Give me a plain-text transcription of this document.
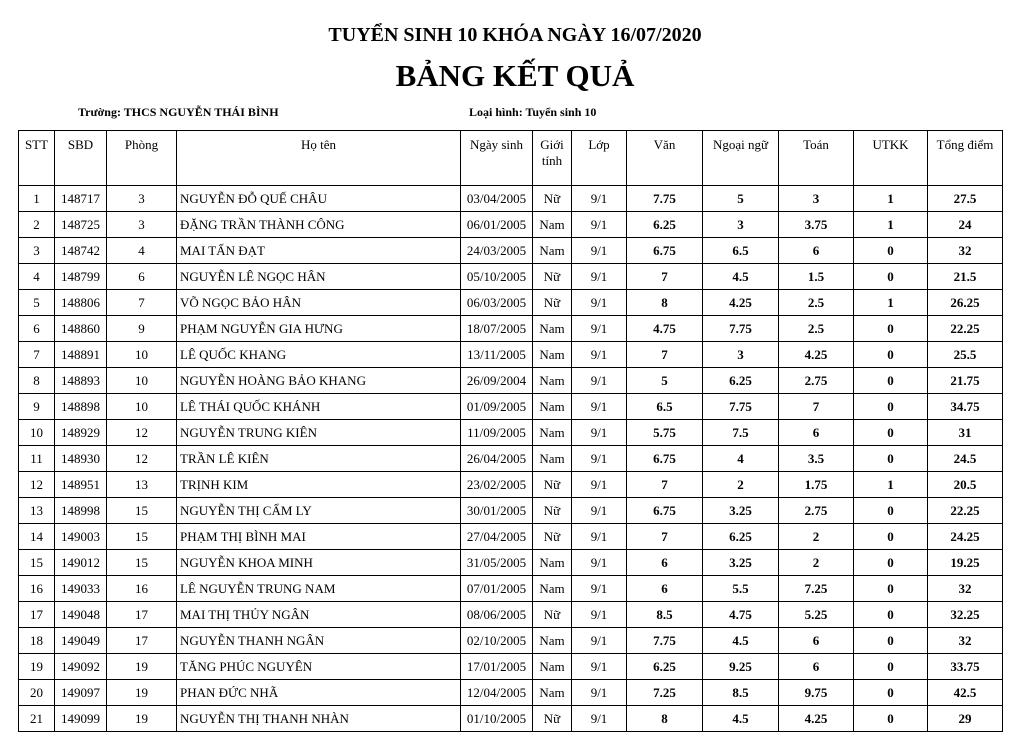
TUYỂN SINH 10 KHÓA NGÀY 16/07/2020
BẢNG KẾT QUẢ
Trường: THCS NGUYỄN THÁI BÌNH	Loại hình: Tuyển sinh 10
STT	SBD	Phòng	Họ tên	Ngày sinh	Giới tính	Lớp	Văn	Ngoại ngữ	Toán	UTKK	Tổng điểm
1	148717	3	NGUYỄN ĐỖ QUẾ CHÂU	03/04/2005	Nữ	9/1	7.75	5	3	1	27.5
2	148725	3	ĐẶNG TRẦN THÀNH CÔNG	06/01/2005	Nam	9/1	6.25	3	3.75	1	24
3	148742	4	MAI TẤN ĐẠT	24/03/2005	Nam	9/1	6.75	6.5	6	0	32
4	148799	6	NGUYỄN LÊ NGỌC HÂN	05/10/2005	Nữ	9/1	7	4.5	1.5	0	21.5
5	148806	7	VÕ NGỌC BẢO HÂN	06/03/2005	Nữ	9/1	8	4.25	2.5	1	26.25
6	148860	9	PHẠM NGUYỄN GIA HƯNG	18/07/2005	Nam	9/1	4.75	7.75	2.5	0	22.25
7	148891	10	LÊ QUỐC KHANG	13/11/2005	Nam	9/1	7	3	4.25	0	25.5
8	148893	10	NGUYỄN HOÀNG BẢO KHANG	26/09/2004	Nam	9/1	5	6.25	2.75	0	21.75
9	148898	10	LÊ THÁI QUỐC KHÁNH	01/09/2005	Nam	9/1	6.5	7.75	7	0	34.75
10	148929	12	NGUYỄN TRUNG KIÊN	11/09/2005	Nam	9/1	5.75	7.5	6	0	31
11	148930	12	TRẦN LÊ KIÊN	26/04/2005	Nam	9/1	6.75	4	3.5	0	24.5
12	148951	13	TRỊNH KIM	23/02/2005	Nữ	9/1	7	2	1.75	1	20.5
13	148998	15	NGUYỄN THỊ CẨM LY	30/01/2005	Nữ	9/1	6.75	3.25	2.75	0	22.25
14	149003	15	PHẠM THỊ BÌNH MAI	27/04/2005	Nữ	9/1	7	6.25	2	0	24.25
15	149012	15	NGUYỄN KHOA MINH	31/05/2005	Nam	9/1	6	3.25	2	0	19.25
16	149033	16	LÊ NGUYỄN TRUNG NAM	07/01/2005	Nam	9/1	6	5.5	7.25	0	32
17	149048	17	MAI THỊ THỦY NGÂN	08/06/2005	Nữ	9/1	8.5	4.75	5.25	0	32.25
18	149049	17	NGUYỄN THANH NGÂN	02/10/2005	Nam	9/1	7.75	4.5	6	0	32
19	149092	19	TĂNG PHÚC NGUYÊN	17/01/2005	Nam	9/1	6.25	9.25	6	0	33.75
20	149097	19	PHAN ĐỨC NHÃ	12/04/2005	Nam	9/1	7.25	8.5	9.75	0	42.5
21	149099	19	NGUYỄN THỊ THANH NHÀN	01/10/2005	Nữ	9/1	8	4.5	4.25	0	29
